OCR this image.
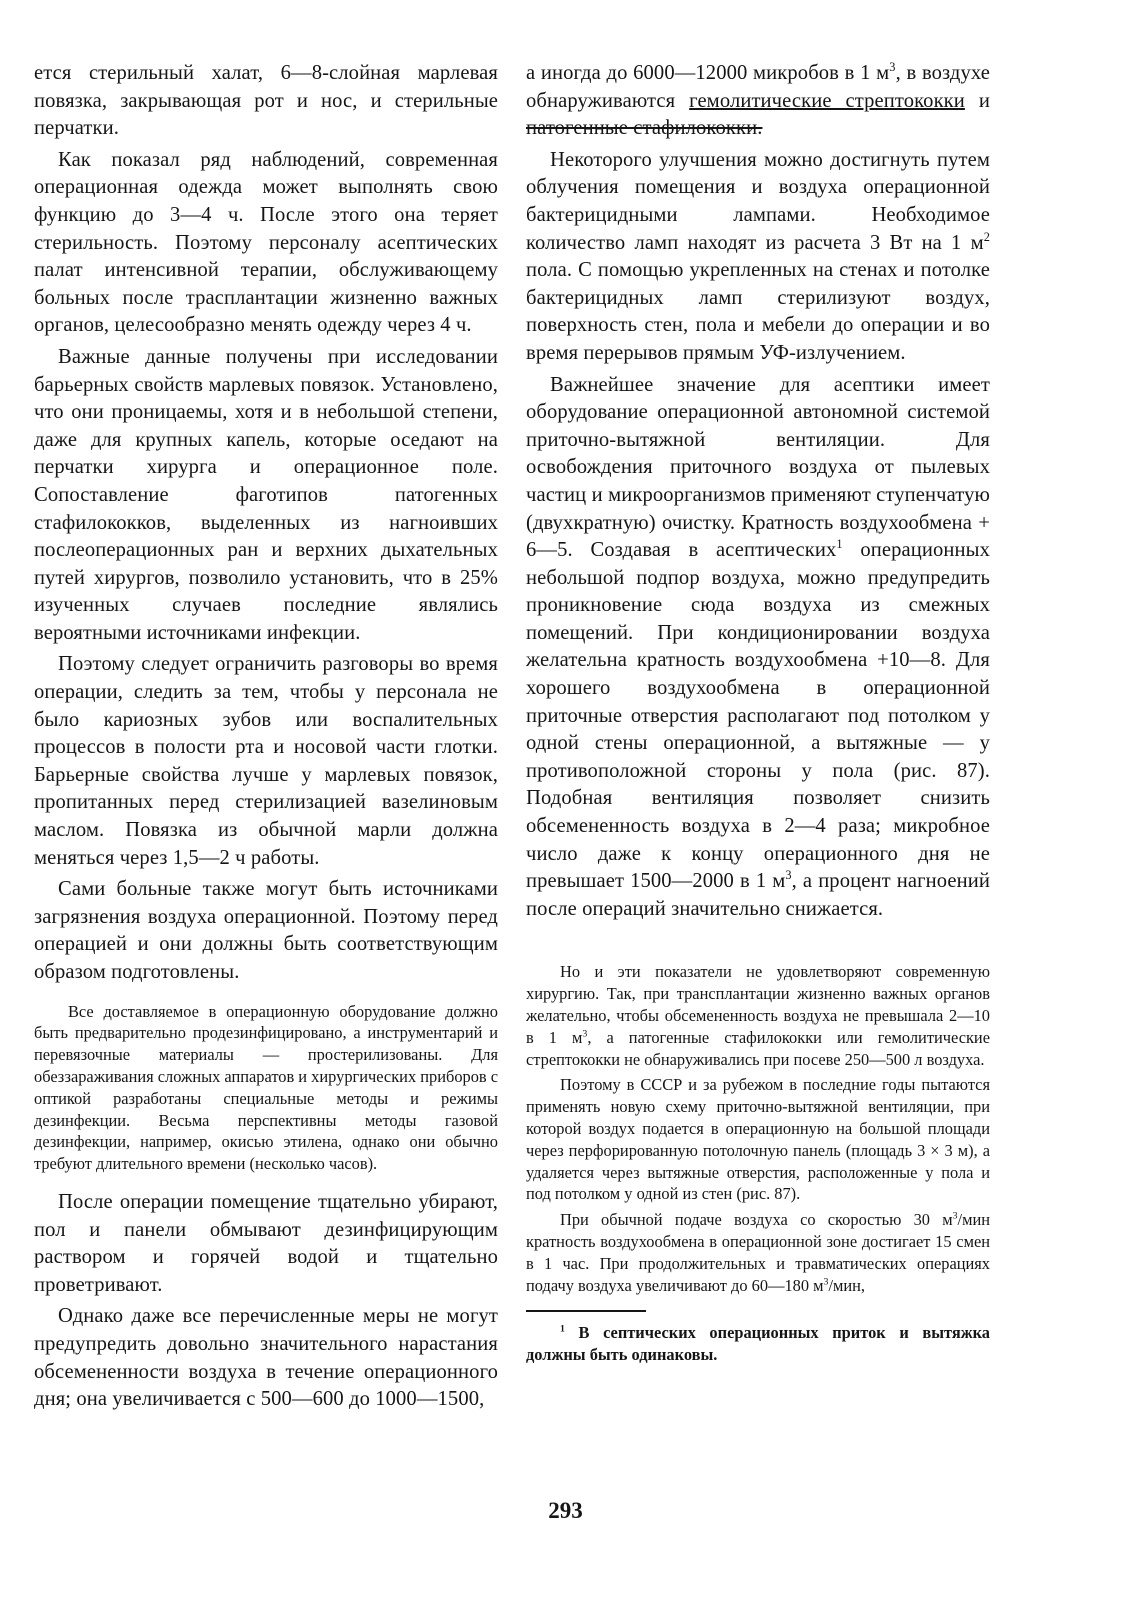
ется стерильный халат, 6—8-слойная марлевая повязка, закрывающая рот и нос, и стерильные перчатки.

Как показал ряд наблюдений, современная операционная одежда может выполнять свою функцию до 3—4 ч. После этого она теряет стерильность. Поэтому персоналу асептических палат интенсивной терапии, обслуживающему больных после трасплантации жизненно важных органов, целесообразно менять одежду через 4 ч.

Важные данные получены при исследовании барьерных свойств марлевых повязок. Установлено, что они проницаемы, хотя и в небольшой степени, даже для крупных капель, которые оседают на перчатки хирурга и операционное поле. Сопоставление фаготипов патогенных стафилококков, выделенных из нагноивших послеоперационных ран и верхних дыхательных путей хирургов, позволило установить, что в 25% изученных случаев последние являлись вероятными источниками инфекции.

Поэтому следует ограничить разговоры во время операции, следить за тем, чтобы у персонала не было кариозных зубов или воспалительных процессов в полости рта и носовой части глотки. Барьерные свойства лучше у марлевых повязок, пропитанных перед стерилизацией вазелиновым маслом. Повязка из обычной марли должна меняться через 1,5—2 ч работы.

Сами больные также могут быть источниками загрязнения воздуха операционной. Поэтому перед операцией и они должны быть соответствующим образом подготовлены.

Все доставляемое в операционную оборудование должно быть предварительно продезинфицировано, а инструментарий и перевязочные материалы — простерилизованы. Для обеззараживания сложных аппаратов и хирургических приборов с оптикой разработаны специальные методы и режимы дезинфекции. Весьма перспективны методы газовой дезинфекции, например, окисью этилена, однако они обычно требуют длительного времени (несколько часов).

После операции помещение тщательно убирают, пол и панели обмывают дезинфицирующим раствором и горячей водой и тщательно проветривают.

Однако даже все перечисленные меры не могут предупредить довольно значительного нарастания обсемененности воздуха в течение операционного дня; она увеличивается с 500—600 до 1000—1500,

а иногда до 6000—12000 микробов в 1 $м^3$, в воздухе обнаруживаются гемолитические стрептококки и патогенные стафилококки.

Некоторого улучшения можно достигнуть путем облучения помещения и воздуха операционной бактерицидными лампами. Необходимое количество ламп находят из расчета 3 Вт на 1 $м^2$ пола. С помощью укрепленных на стенах и потолке бактерицидных ламп стерилизуют воздух, поверхность стен, пола и мебели до операции и во время перерывов прямым УФ-излучением.

Важнейшее значение для асептики имеет оборудование операционной автономной системой приточно-вытяжной вентиляции. Для освобождения приточного воздуха от пылевых частиц и микроорганизмов применяют ступенчатую (двухкратную) очистку. Кратность воздухообмена + 6—5. Создавая в асептических$^1$ операционных небольшой подпор воздуха, можно предупредить проникновение сюда воздуха из смежных помещений. При кондиционировании воздуха желательна кратность воздухообмена +10—8. Для хорошего воздухообмена в операционной приточные отверстия располагают под потолком у одной стены операционной, а вытяжные — у противоположной стороны у пола (рис. 87). Подобная вентиляция позволяет снизить обсемененность воздуха в 2—4 раза; микробное число даже к концу операционного дня не превышает 1500—2000 в 1 $м^3$, а процент нагноений после операций значительно снижается.

Но и эти показатели не удовлетворяют современную хирургию. Так, при трансплантации жизненно важных органов желательно, чтобы обсемененность воздуха не превышала 2—10 в 1 $м^3$, а патогенные стафилококки или гемолитические стрептококки не обнаруживались при посеве 250—500 л воздуха.

Поэтому в СССР и за рубежом в последние годы пытаются применять новую схему приточно-вытяжной вентиляции, при которой воздух подается в операционную на большой площади через перфорированную потолочную панель (площадь 3 × 3 м), а удаляется через вытяжные отверстия, расположенные у пола и под потолком у одной из стен (рис. 87).

При обычной подаче воздуха со скоростью 30 $м^3$/мин кратность воздухообмена в операционной зоне достигает 15 смен в 1 час. При продолжительных и травматических операциях подачу воздуха увеличивают до 60—180 $м^3$/мин,

$^1$ В септических операционных приток и вытяжка должны быть одинаковы.

293
